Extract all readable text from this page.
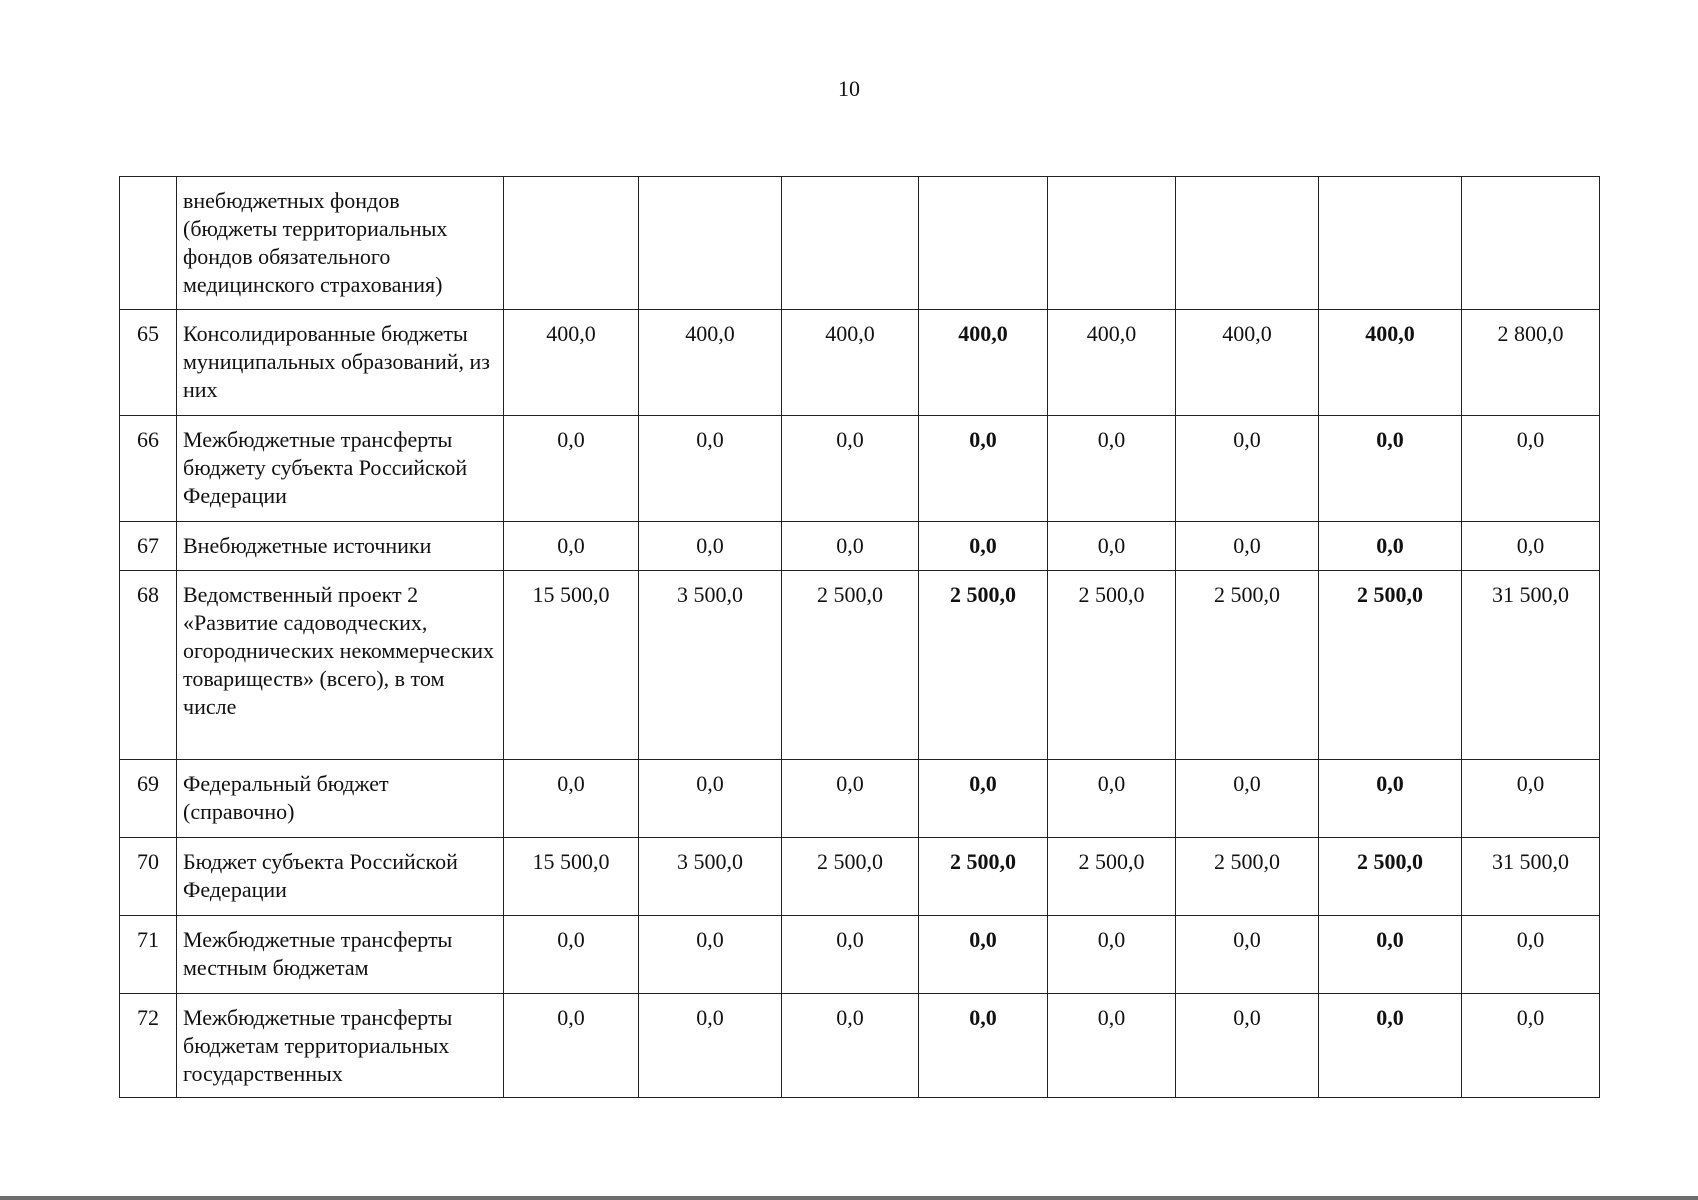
10
	внебюджетных фондов (бюджеты территориальных фондов обязательного медицинского страхования)								
65	Консолидированные бюджеты муниципальных образований, из них	400,0	400,0	400,0	400,0	400,0	400,0	400,0	2 800,0
66	Межбюджетные трансферты бюджету субъекта Российской Федерации	0,0	0,0	0,0	0,0	0,0	0,0	0,0	0,0
67	Внебюджетные источники	0,0	0,0	0,0	0,0	0,0	0,0	0,0	0,0
68	Ведомственный проект 2 «Развитие садоводческих, огороднических некоммерческих товариществ» (всего), в том числе	15 500,0	3 500,0	2 500,0	2 500,0	2 500,0	2 500,0	2 500,0	31 500,0
69	Федеральный бюджет (справочно)	0,0	0,0	0,0	0,0	0,0	0,0	0,0	0,0
70	Бюджет субъекта Российской Федерации	15 500,0	3 500,0	2 500,0	2 500,0	2 500,0	2 500,0	2 500,0	31 500,0
71	Межбюджетные трансферты местным бюджетам	0,0	0,0	0,0	0,0	0,0	0,0	0,0	0,0
72	Межбюджетные трансферты бюджетам территориальных государственных	0,0	0,0	0,0	0,0	0,0	0,0	0,0	0,0
